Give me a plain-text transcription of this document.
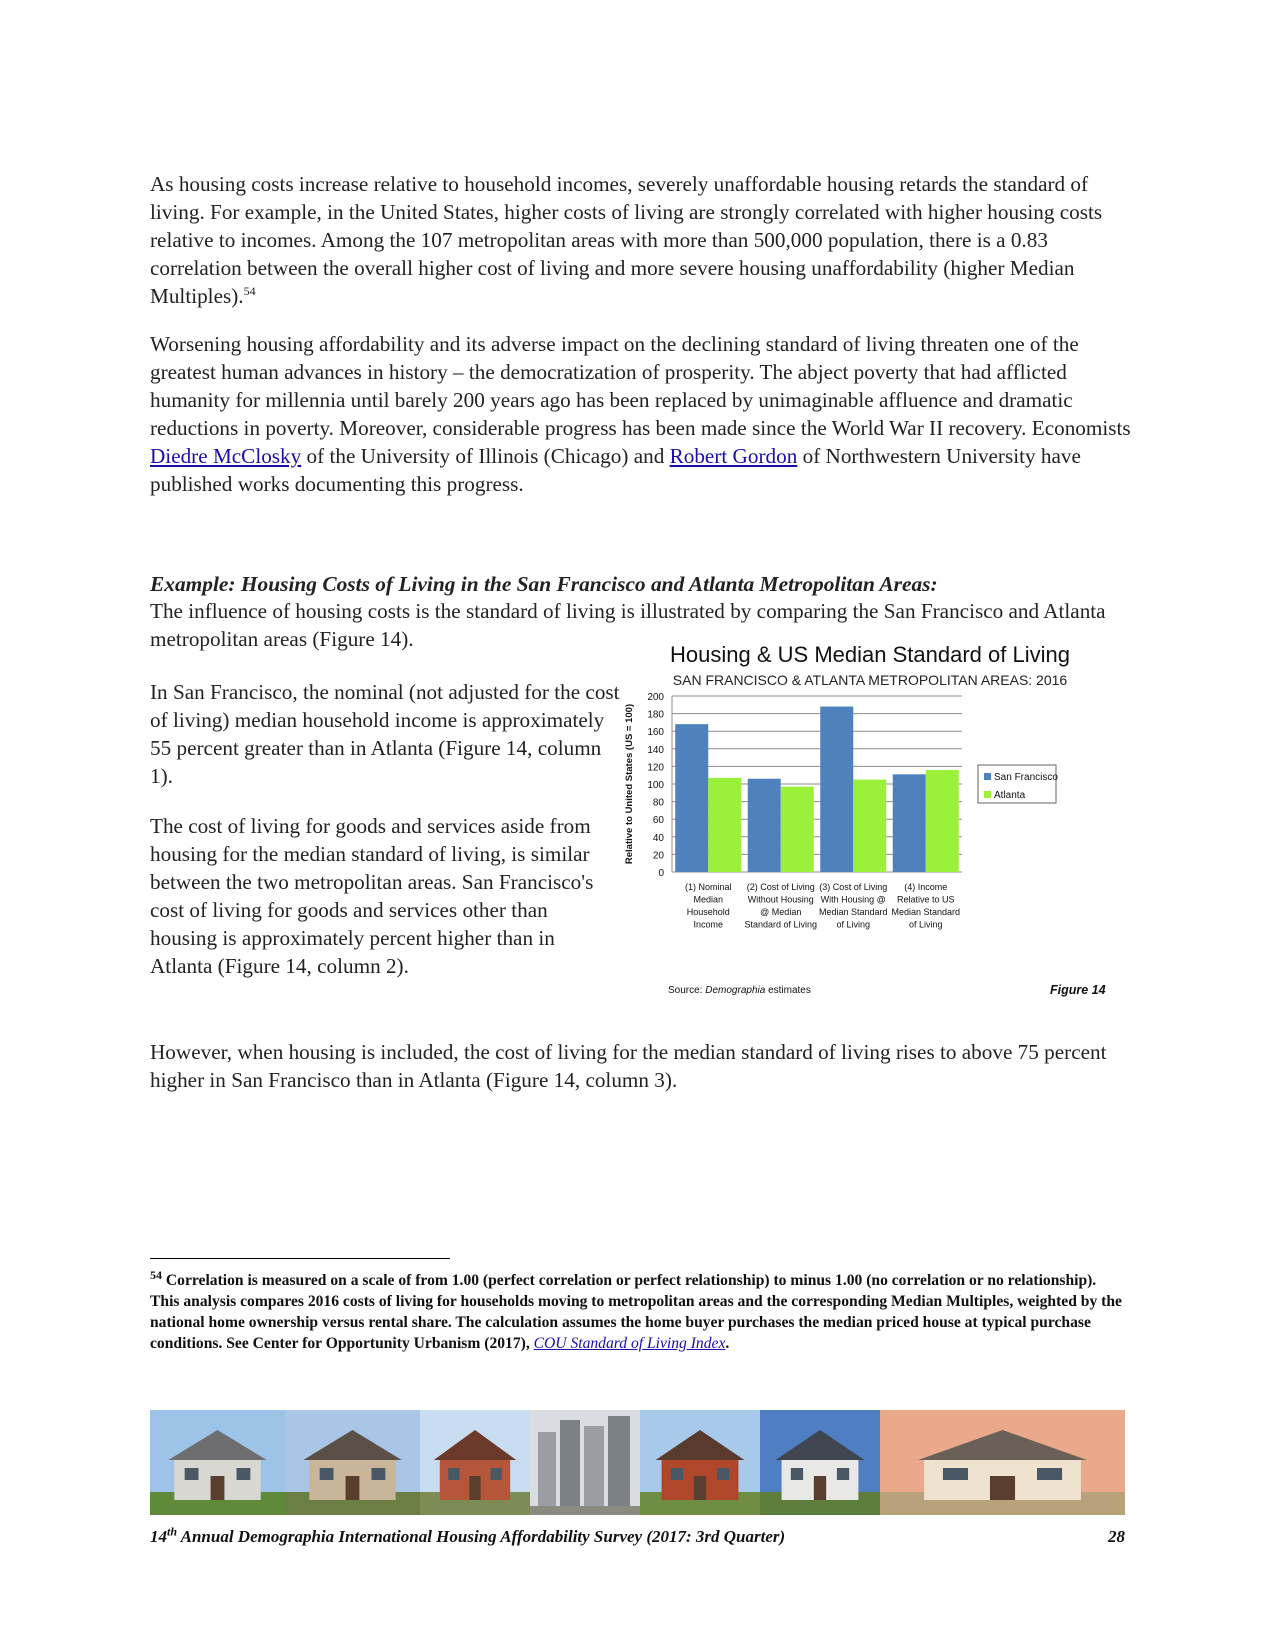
As housing costs increase relative to household incomes, severely unaffordable housing retards the standard of living. For example, in the United States, higher costs of living are strongly correlated with higher housing costs relative to incomes. Among the 107 metropolitan areas with more than 500,000 population, there is a 0.83 correlation between the overall higher cost of living and more severe housing unaffordability (higher Median Multiples).$^{54}$

Worsening housing affordability and its adverse impact on the declining standard of living threaten one of the greatest human advances in history – the democratization of prosperity. The abject poverty that had afflicted humanity for millennia until barely 200 years ago has been replaced by unimaginable affluence and dramatic reductions in poverty. Moreover, considerable progress has been made since the World War II recovery. Economists Diedre McClosky of the University of Illinois (Chicago) and Robert Gordon of Northwestern University have published works documenting this progress.

Example: Housing Costs of Living in the San Francisco and Atlanta Metropolitan Areas:

The influence of housing costs is the standard of living is illustrated by comparing the San Francisco and Atlanta metropolitan areas (Figure 14).

In San Francisco, the nominal (not adjusted for the cost of living) median household income is approximately 55 percent greater than in Atlanta (Figure 14, column 1).

The cost of living for goods and services aside from housing for the median standard of living, is similar between the two metropolitan areas. San Francisco's cost of living for goods and services other than housing is approximately percent higher than in Atlanta (Figure 14, column 2).

However, when housing is included, the cost of living for the median standard of living rises to above 75 percent higher in San Francisco than in Atlanta (Figure 14, column 3).

Housing & US Median Standard of Living
SAN FRANCISCO & ATLANTA METROPOLITAN AREAS: 2016
0
20
40
60
80
100
120
140
160
180
200
Relative to United States (US = 100)
(1) Nominal
Median
Household
Income
(2) Cost of Living
Without Housing
@ Median
Standard of Living
(3) Cost of Living
With Housing @
Median Standard
of Living
(4) Income
Relative to US
Median Standard
of Living
San Francisco
Atlanta
Source: Demographia estimates	Figure 14

$^{54}$ Correlation is measured on a scale of from 1.00 (perfect correlation or perfect relationship) to minus 1.00 (no correlation or no relationship). This analysis compares 2016 costs of living for households moving to metropolitan areas and the corresponding Median Multiples, weighted by the national home ownership versus rental share. The calculation assumes the home buyer purchases the median priced house at typical purchase conditions. See Center for Opportunity Urbanism (2017), COU Standard of Living Index.

14th Annual Demographia International Housing Affordability Survey (2017: 3rd Quarter)	28
